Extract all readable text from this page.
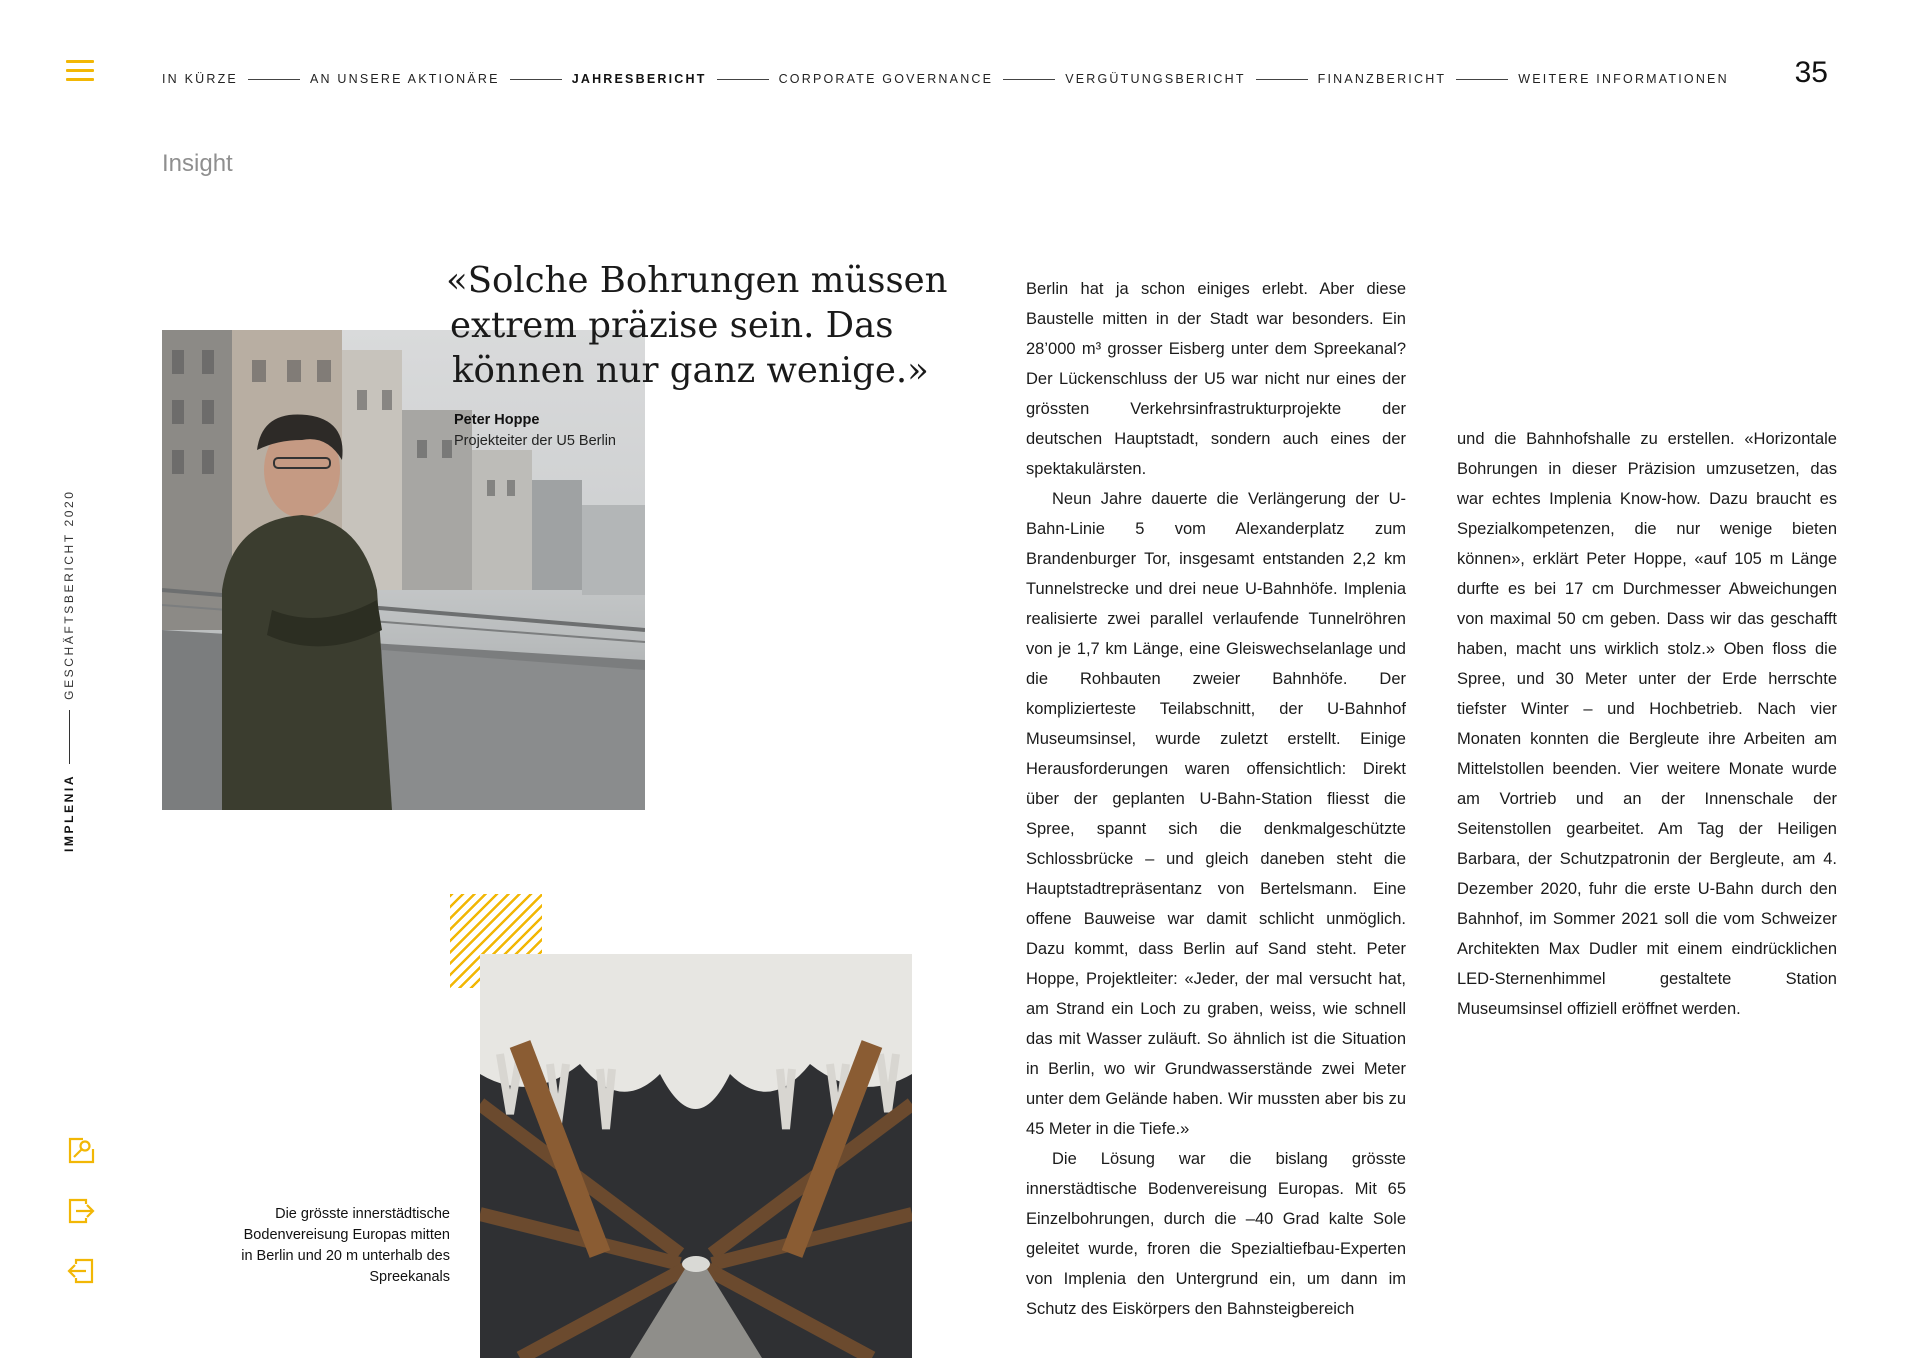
IN KÜRZE	AN UNSERE AKTIONÄRE	JAHRESBERICHT	CORPORATE GOVERNANCE	VERGÜTUNGSBERICHT	FINANZBERICHT	WEITERE INFORMATIONEN 35
Insight
IMPLENIA
GESCHÄFTSBERICHT 2020
«Solche Bohrungen müssen
extrem präzise sein. Das
können nur ganz wenige.»
Peter Hoppe
Projekteiter der U5 Berlin
Die grösste innerstädtische Bodenvereisung Europas mitten in Berlin und 20 m unterhalb des Spreekanals

Berlin hat ja schon einiges erlebt. Aber diese Baustelle mitten in der Stadt war besonders. Ein 28’000 m³ grosser Eisberg unter dem Spreekanal? Der Lückenschluss der U5 war nicht nur eines der grössten Verkehrsinfrastrukturprojekte der deutschen Hauptstadt, sondern auch eines der spektakulärsten.

Neun Jahre dauerte die Verlängerung der U-Bahn-Linie 5 vom Alexanderplatz zum Brandenburger Tor, insgesamt entstanden 2,2 km Tunnelstrecke und drei neue U-Bahnhöfe. Implenia realisierte zwei parallel verlaufende Tunnelröhren von je 1,7 km Länge, eine Gleiswechselanlage und die Rohbauten zweier Bahnhöfe. Der komplizierteste Teilabschnitt, der U-Bahnhof Museumsinsel, wurde zuletzt erstellt. Einige Herausforderungen waren offensichtlich: Direkt über der geplanten U-Bahn-Station fliesst die Spree, spannt sich die denkmalgeschützte Schlossbrücke – und gleich daneben steht die Hauptstadtrepräsentanz von Bertelsmann. Eine offene Bauweise war damit schlicht unmöglich. Dazu kommt, dass Berlin auf Sand steht. Peter Hoppe, Projektleiter: «Jeder, der mal versucht hat, am Strand ein Loch zu graben, weiss, wie schnell das mit Wasser zuläuft. So ähnlich ist die Situation in Berlin, wo wir Grundwasserstände zwei Meter unter dem Gelände haben. Wir mussten aber bis zu 45 Meter in die Tiefe.»

Die Lösung war die bislang grösste innerstädtische Bodenvereisung Europas. Mit 65 Einzelbohrungen, durch die –40 Grad kalte Sole geleitet wurde, froren die Spezialtiefbau-Experten von Implenia den Untergrund ein, um dann im Schutz des Eiskörpers den Bahnsteigbereich

und die Bahnhofshalle zu erstellen. «Horizontale Bohrungen in dieser Präzision umzusetzen, das war echtes Implenia Know-how. Dazu braucht es Spezialkompetenzen, die nur wenige bieten können», erklärt Peter Hoppe, «auf 105 m Länge durfte es bei 17 cm Durchmesser Abweichungen von maximal 50 cm geben. Dass wir das geschafft haben, macht uns wirklich stolz.» Oben floss die Spree, und 30 Meter unter der Erde herrschte tiefster Winter – und Hochbetrieb. Nach vier Monaten konnten die Bergleute ihre Arbeiten am Mittelstollen beenden. Vier weitere Monate wurde am Vortrieb und an der Innenschale der Seitenstollen gearbeitet. Am Tag der Heiligen Barbara, der Schutzpatronin der Bergleute, am 4. Dezember 2020, fuhr die erste U-Bahn durch den Bahnhof, im Sommer 2021 soll die vom Schweizer Architekten Max Dudler mit einem eindrücklichen LED-Sternenhimmel gestaltete Station Museumsinsel offiziell eröffnet werden.
